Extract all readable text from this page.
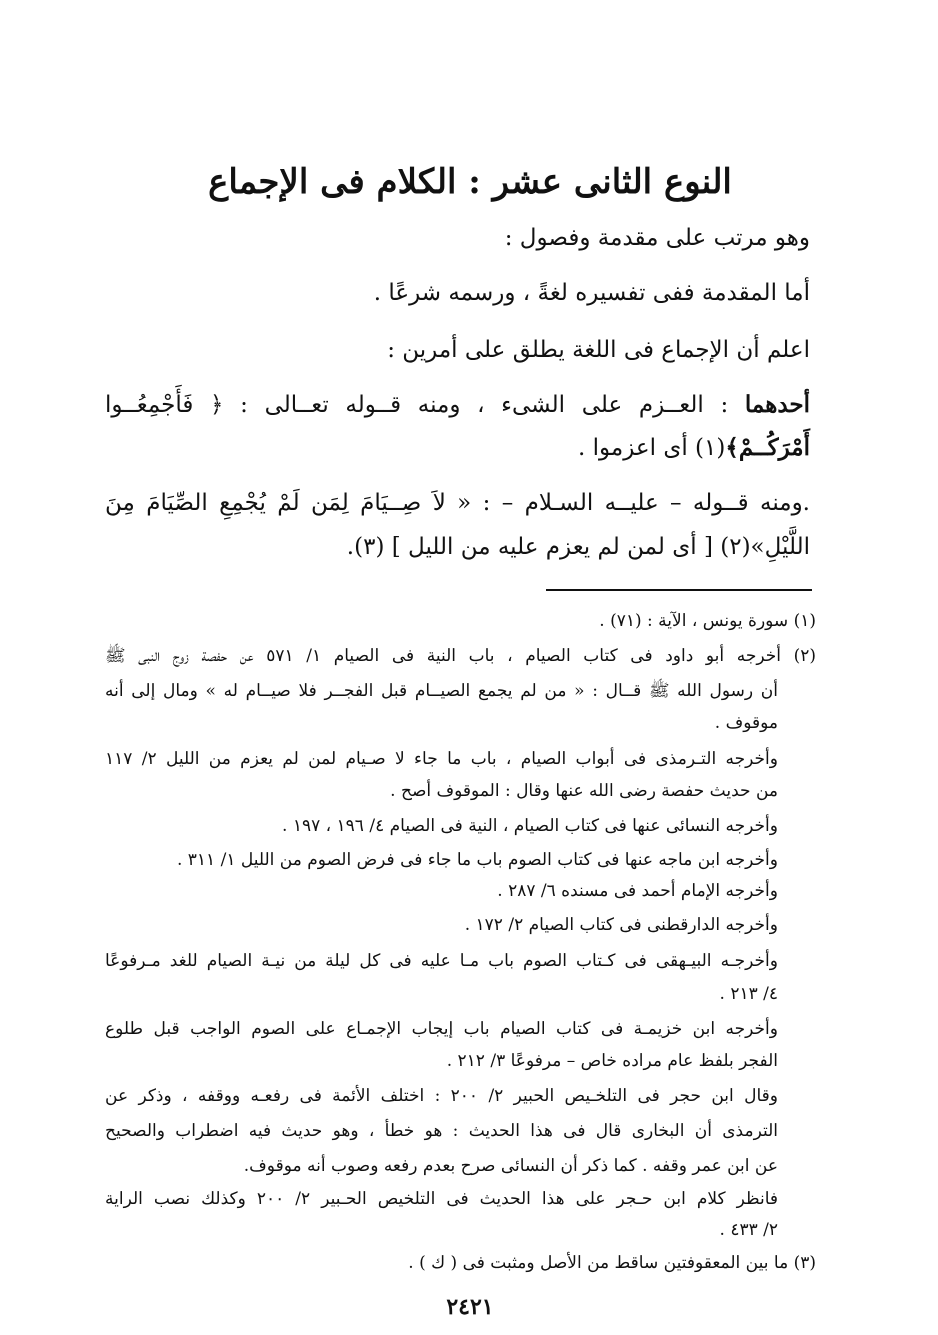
النوع الثانى عشر : الكلام فى الإجماع
وهو مرتب على مقدمة وفصول :
أما المقدمة ففى تفسيره لغةً ، ورسمه شرعًا .
اعلم أن الإجماع فى اللغة يطلق على أمرين :
أحدهما : العــزم على الشىء ، ومنه قــوله تعــالى : ﴿ فَأَجْمِعُــوا
أَمْرَكُــمْ﴾(١) أى اعزموا .
.ومنه قــوله – عليــه السـلام – : « لاَ صِــيَامَ لِمَن لَمْ يُجْمِعِ الصِّيَامَ مِنَ
اللَّيْلِ»(٢) [ أى لمن لم يعزم عليه من الليل ] (٣).
(١) سورة يونس ، الآية : (٧١) .
(٢) أخرجه أبو داود فى كتاب الصيام ، باب النية فى الصيام ١/ ٥٧١ عن حفصة زوج النبى ﷺ
أن رسول الله ﷺ قــال : « من لم يجمع الصيــام قبل الفجــر فلا صيــام له » ومال إلى أنه
موقوف .
وأخرجه التـرمذى فى أبواب الصيام ، باب ما جاء لا صـيام لمن لم يعزم من الليل ٢/ ١١٧
من حديث حفصة رضى الله عنها وقال : الموقوف أصح .
وأخرجه النسائى عنها فى كتاب الصيام ، النية فى الصيام ٤/ ١٩٦ ، ١٩٧ .
وأخرجه ابن ماجه عنها فى كتاب الصوم باب ما جاء فى فرض الصوم من الليل ١/ ٣١١ .
وأخرجه الإمام أحمد فى مسنده ٦/ ٢٨٧ .
وأخرجه الدارقطنى فى كتاب الصيام ٢/ ١٧٢ .
وأخرجـه البيـهقى فى كـتاب الصوم باب مـا عليه فى كل ليلة من نيـة الصيام للغد مـرفوعًا
٤/ ٢١٣ .
وأخرجه ابن خزيمـة فى كتاب الصيام باب إيجاب الإجمـاع على الصوم الواجب قبل طلوع
الفجر بلفظ عام مراده خاص – مرفوعًا ٣/ ٢١٢ .
وقال ابن حجر فى التلخـيص الحبير ٢/ ٢٠٠ : اختلف الأئمة فى رفعـه ووقفه ، وذكر عن
الترمذى أن البخارى قال فى هذا الحديث : هو خطأ ، وهو حديث فيه اضطراب والصحيح
عن ابن عمر وقفه . كما ذكر أن النسائى صرح بعدم رفعه وصوب أنه موقوف.
فانظر كلام ابن حـجر على هذا الحديث فى التلخيص الحـبير ٢/ ٢٠٠ وكذلك نصب الراية
٢/ ٤٣٣ .
(٣) ما بين المعقوفتين ساقط من الأصل ومثبت فى ( ك ) .
٢٤٢١
